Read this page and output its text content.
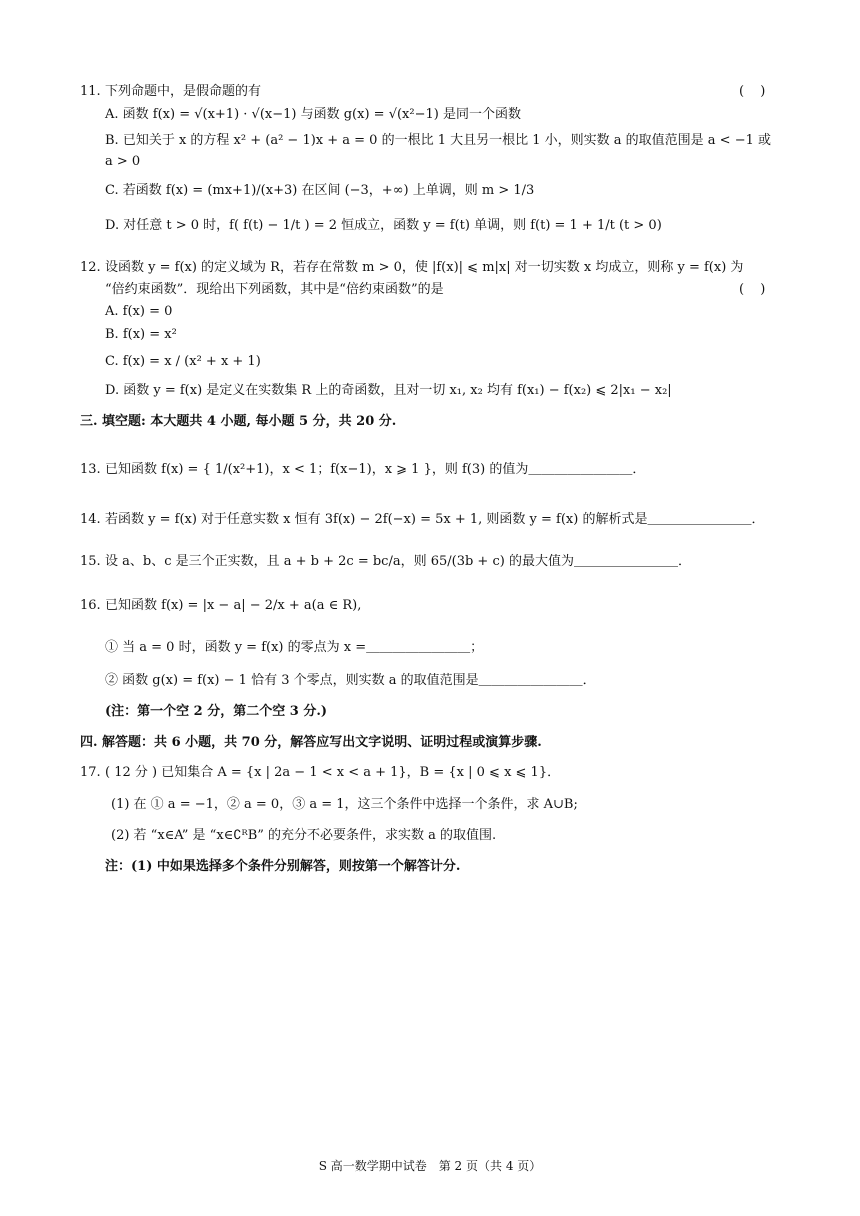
11. 下列命题中，是假命题的有	( )
A. 函数 f(x) = √(x+1) · √(x−1) 与函数 g(x) = √(x²−1) 是同一个函数
B. 已知关于 x 的方程 x² + (a² − 1)x + a = 0 的一根比 1 大且另一根比 1 小，则实数 a 的取值范围是 a < −1 或
a > 0
C. 若函数 f(x) = (mx+1)/(x+3) 在区间 (−3，+∞) 上单调，则 m > 1/3
D. 对任意 t > 0 时，f( f(t) − 1/t ) = 2 恒成立，函数 y = f(t) 单调，则 f(t) = 1 + 1/t (t > 0)
12. 设函数 y = f(x) 的定义域为 R，若存在常数 m > 0，使 |f(x)| ⩽ m|x| 对一切实数 x 均成立，则称 y = f(x) 为
“倍约束函数”．现给出下列函数，其中是“倍约束函数”的是	( )
A. f(x) = 0
B. f(x) = x²
C. f(x) = x / (x² + x + 1)
D. 函数 y = f(x) 是定义在实数集 R 上的奇函数，且对一切 x₁, x₂ 均有 f(x₁) − f(x₂) ⩽ 2|x₁ − x₂|
三. 填空题: 本大题共 4 小题, 每小题 5 分，共 20 分.
13. 已知函数 f(x) = { 1/(x²+1)，x < 1；f(x−1)，x ⩾ 1 }，则 f(3) 的值为＿＿＿＿＿＿＿＿．
14. 若函数 y = f(x) 对于任意实数 x 恒有 3f(x) − 2f(−x) = 5x + 1, 则函数 y = f(x) 的解析式是＿＿＿＿＿＿＿＿．
15. 设 a、b、c 是三个正实数，且 a + b + 2c = bc/a，则 65/(3b + c) 的最大值为＿＿＿＿＿＿＿＿．
16. 已知函数 f(x) = |x − a| − 2/x + a(a ∈ R),
① 当 a = 0 时，函数 y = f(x) 的零点为 x =＿＿＿＿＿＿＿＿；
② 函数 g(x) = f(x) − 1 恰有 3 个零点，则实数 a 的取值范围是＿＿＿＿＿＿＿＿．
(注：第一个空 2 分，第二个空 3 分.)
四. 解答题：共 6 小题，共 70 分，解答应写出文字说明、证明过程或演算步骤.
17. ( 12 分 ) 已知集合 A = {x | 2a − 1 < x < a + 1}，B = {x | 0 ⩽ x ⩽ 1}．
(1) 在 ① a = −1，② a = 0，③ a = 1，这三个条件中选择一个条件，求 A∪B;
(2) 若 “x∈A” 是 “x∈∁ᴿB” 的充分不必要条件，求实数 a 的取值围.
注：(1) 中如果选择多个条件分别解答，则按第一个解答计分.
S 高一数学期中试卷　第 2 页（共 4 页）
